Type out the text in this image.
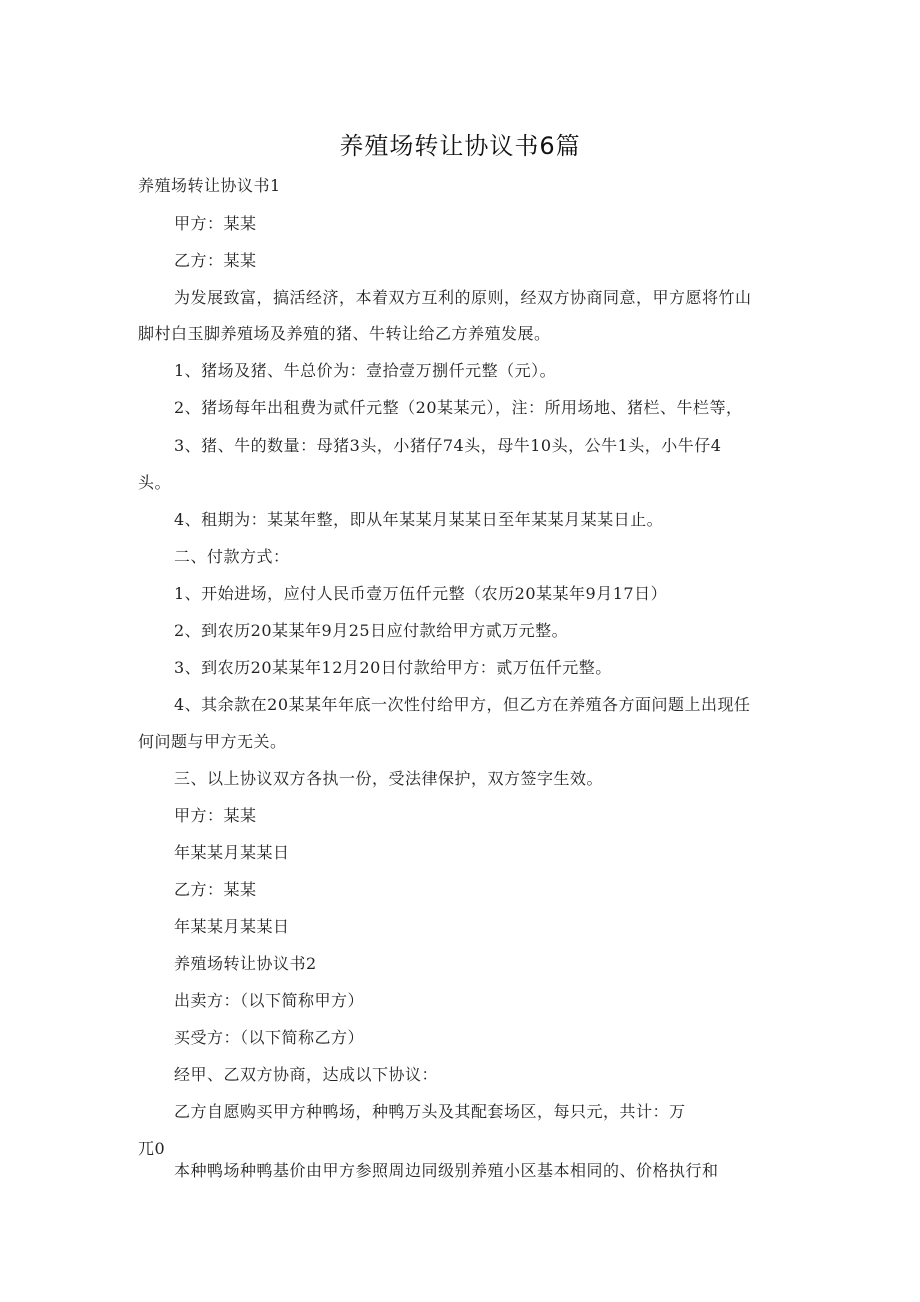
养殖场转让协议书6篇
养殖场转让协议书1
甲方：某某
乙方：某某
为发展致富，搞活经济，本着双方互利的原则，经双方协商同意，甲方愿将竹山
脚村白玉脚养殖场及养殖的猪、牛转让给乙方养殖发展。
1、猪场及猪、牛总价为：壹拾壹万捌仟元整（元）。
2、猪场每年出租费为贰仟元整（20某某元），注：所用场地、猪栏、牛栏等，
3、猪、牛的数量：母猪3头，小猪仔74头，母牛10头，公牛1头，小牛仔4
头。
4、租期为：某某年整，即从年某某月某某日至年某某月某某日止。
二、付款方式：
1、开始进场，应付人民币壹万伍仟元整（农历20某某年9月17日）
2、到农历20某某年9月25日应付款给甲方贰万元整。
3、到农历20某某年12月20日付款给甲方：贰万伍仟元整。
4、其余款在20某某年年底一次性付给甲方，但乙方在养殖各方面问题上出现任
何问题与甲方无关。
三、以上协议双方各执一份，受法律保护，双方签字生效。
甲方：某某
年某某月某某日
乙方：某某
年某某月某某日
养殖场转让协议书2
出卖方：（以下简称甲方）
买受方：（以下简称乙方）
经甲、乙双方协商，达成以下协议：
乙方自愿购买甲方种鸭场，种鸭万头及其配套场区，每只元，共计：万
兀0
本种鸭场种鸭基价由甲方参照周边同级别养殖小区基本相同的、价格执行和
